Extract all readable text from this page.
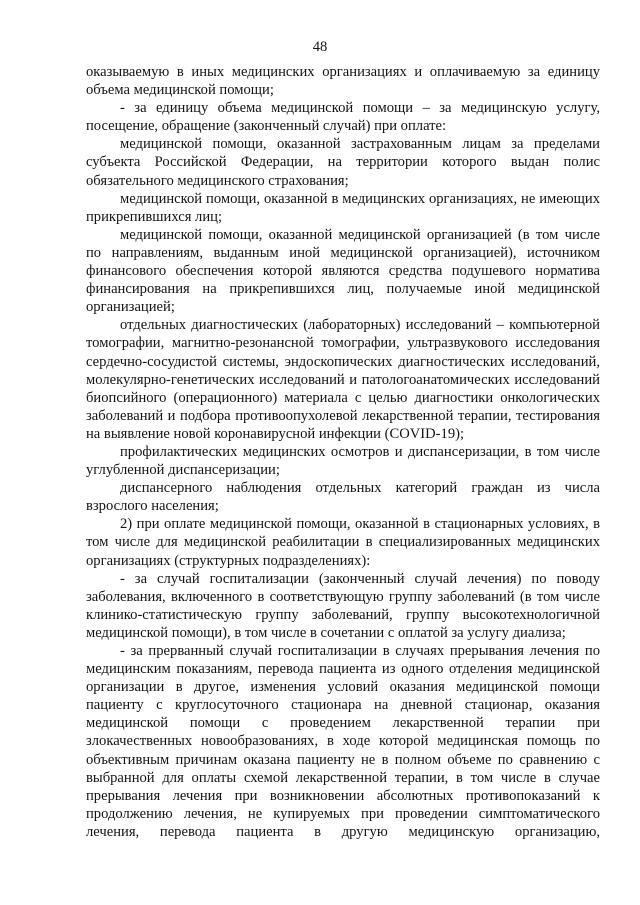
48

оказываемую в иных медицинских организациях и оплачиваемую за единицу объема медицинской помощи;

- за единицу объема медицинской помощи – за медицинскую услугу, посещение, обращение (законченный случай) при оплате:

медицинской помощи, оказанной застрахованным лицам за пределами субъекта Российской Федерации, на территории которого выдан полис обязательного медицинского страхования;

медицинской помощи, оказанной в медицинских организациях, не имеющих прикрепившихся лиц;

медицинской помощи, оказанной медицинской организацией (в том числе по направлениям, выданным иной медицинской организацией), источником финансового обеспечения которой являются средства подушевого норматива финансирования на прикрепившихся лиц, получаемые иной медицинской организацией;

отдельных диагностических (лабораторных) исследований – компьютерной томографии, магнитно-резонансной томографии, ультразвукового исследования сердечно-сосудистой системы, эндоскопических диагностических исследований, молекулярно-генетических исследований и патологоанатомических исследований биопсийного (операционного) материала с целью диагностики онкологических заболеваний и подбора противоопухолевой лекарственной терапии, тестирования на выявление новой коронавирусной инфекции (COVID-19);

профилактических медицинских осмотров и диспансеризации, в том числе углубленной диспансеризации;

диспансерного наблюдения отдельных категорий граждан из числа взрослого населения;

2) при оплате медицинской помощи, оказанной в стационарных условиях, в том числе для медицинской реабилитации в специализированных медицинских организациях (структурных подразделениях):

- за случай госпитализации (законченный случай лечения) по поводу заболевания, включенного в соответствующую группу заболеваний (в том числе клинико-статистическую группу заболеваний, группу высокотехнологичной медицинской помощи), в том числе в сочетании с оплатой за услугу диализа;

- за прерванный случай госпитализации в случаях прерывания лечения по медицинским показаниям, перевода пациента из одного отделения медицинской организации в другое, изменения условий оказания медицинской помощи пациенту с круглосуточного стационара на дневной стационар, оказания медицинской помощи с проведением лекарственной терапии при злокачественных новообразованиях, в ходе которой медицинская помощь по объективным причинам оказана пациенту не в полном объеме по сравнению с выбранной для оплаты схемой лекарственной терапии, в том числе в случае прерывания лечения при возникновении абсолютных противопоказаний к продолжению лечения, не купируемых при проведении симптоматического лечения, перевода пациента в другую медицинскую организацию,
